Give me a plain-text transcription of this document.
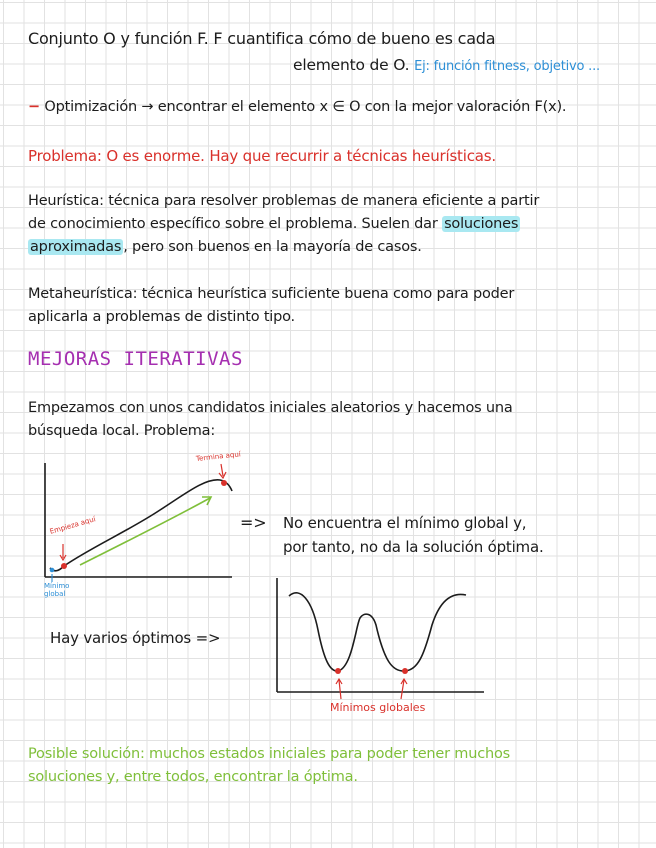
Conjunto O y función F. F cuantifica cómo de bueno es cada
elemento de O. Ej: función fitness, objetivo ...
− Optimización → encontrar el elemento x ∈ O con la mejor valoración F(x).
Problema: O es enorme. Hay que recurrir a técnicas heurísticas.
Heurística: técnica para resolver problemas de manera eficiente a partir
de conocimiento específico sobre el problema. Suelen dar soluciones
aproximadas , pero son buenos en la mayoría de casos.
Metaheurística: técnica heurística suficiente buena como para poder
aplicarla a problemas de distinto tipo.
MEJORAS ITERATIVAS
Empezamos con unos candidatos iniciales aleatorios y hacemos una
búsqueda local. Problema:
=> No encuentra el mínimo global y,
por tanto, no da la solución óptima.
Hay varios óptimos =>
Posible solución: muchos estados iniciales para poder tener muchos
soluciones y, entre todos, encontrar la óptima.
Empieza aquí
Termina aquí
Mínimo global
Mínimos globales
